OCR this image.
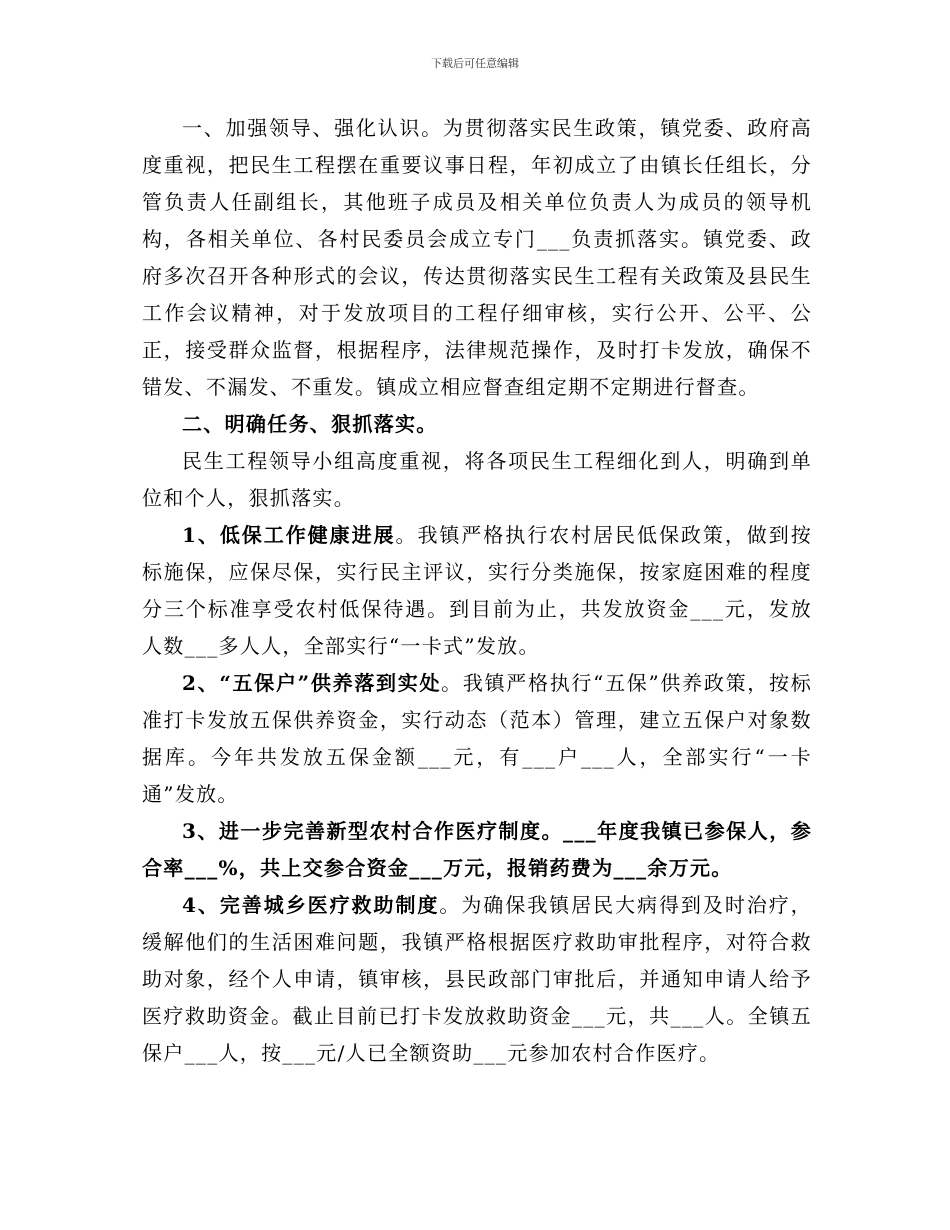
下载后可任意编辑

一、加强领导、强化认识。为贯彻落实民生政策，镇党委、政府高度重视，把民生工程摆在重要议事日程，年初成立了由镇长任组长，分管负责人任副组长，其他班子成员及相关单位负责人为成员的领导机构，各相关单位、各村民委员会成立专门___负责抓落实。镇党委、政府多次召开各种形式的会议，传达贯彻落实民生工程有关政策及县民生工作会议精神，对于发放项目的工程仔细审核，实行公开、公平、公正，接受群众监督，根据程序，法律规范操作，及时打卡发放，确保不错发、不漏发、不重发。镇成立相应督查组定期不定期进行督查。

二、明确任务、狠抓落实。

民生工程领导小组高度重视，将各项民生工程细化到人，明确到单位和个人，狠抓落实。

1、低保工作健康进展。我镇严格执行农村居民低保政策，做到按标施保，应保尽保，实行民主评议，实行分类施保，按家庭困难的程度分三个标准享受农村低保待遇。到目前为止，共发放资金___元，发放人数___多人人，全部实行“一卡式”发放。

2、“五保户”供养落到实处。我镇严格执行“五保”供养政策，按标准打卡发放五保供养资金，实行动态（范本）管理，建立五保户对象数据库。今年共发放五保金额___元，有___户___人，全部实行“一卡通”发放。

3、进一步完善新型农村合作医疗制度。___年度我镇已参保人，参合率___%，共上交参合资金___万元，报销药费为___余万元。

4、完善城乡医疗救助制度。为确保我镇居民大病得到及时治疗，缓解他们的生活困难问题，我镇严格根据医疗救助审批程序，对符合救助对象，经个人申请，镇审核，县民政部门审批后，并通知申请人给予医疗救助资金。截止目前已打卡发放救助资金___元，共___人。全镇五保户___人，按___元/人已全额资助___元参加农村合作医疗。
